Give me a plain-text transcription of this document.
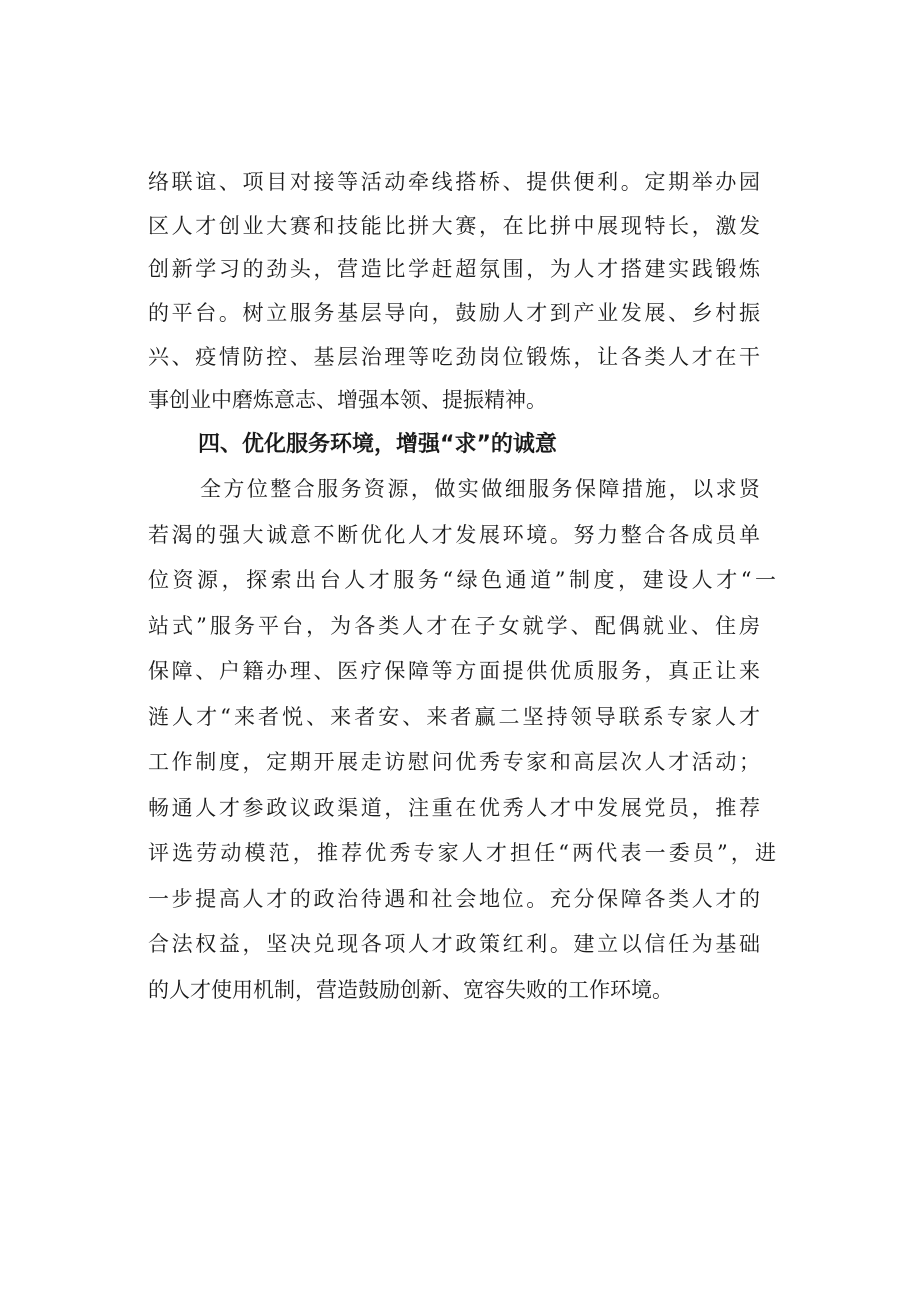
络联谊、项目对接等活动牵线搭桥、提供便利。定期举办园
区人才创业大赛和技能比拼大赛，在比拼中展现特长，激发
创新学习的劲头，营造比学赶超氛围，为人才搭建实践锻炼
的平台。树立服务基层导向，鼓励人才到产业发展、乡村振
兴、疫情防控、基层治理等吃劲岗位锻炼，让各类人才在干
事创业中磨炼意志、增强本领、提振精神。
四、优化服务环境，增强“求”的诚意
全方位整合服务资源，做实做细服务保障措施，以求贤
若渴的强大诚意不断优化人才发展环境。努力整合各成员单
位资源，探索出台人才服务“绿色通道”制度，建设人才“一
站式”服务平台，为各类人才在子女就学、配偶就业、住房
保障、户籍办理、医疗保障等方面提供优质服务，真正让来
涟人才“来者悦、来者安、来者赢二坚持领导联系专家人才
工作制度，定期开展走访慰问优秀专家和高层次人才活动；
畅通人才参政议政渠道，注重在优秀人才中发展党员，推荐
评选劳动模范，推荐优秀专家人才担任“两代表一委员”，进
一步提高人才的政治待遇和社会地位。充分保障各类人才的
合法权益，坚决兑现各项人才政策红利。建立以信任为基础
的人才使用机制，营造鼓励创新、宽容失败的工作环境。
